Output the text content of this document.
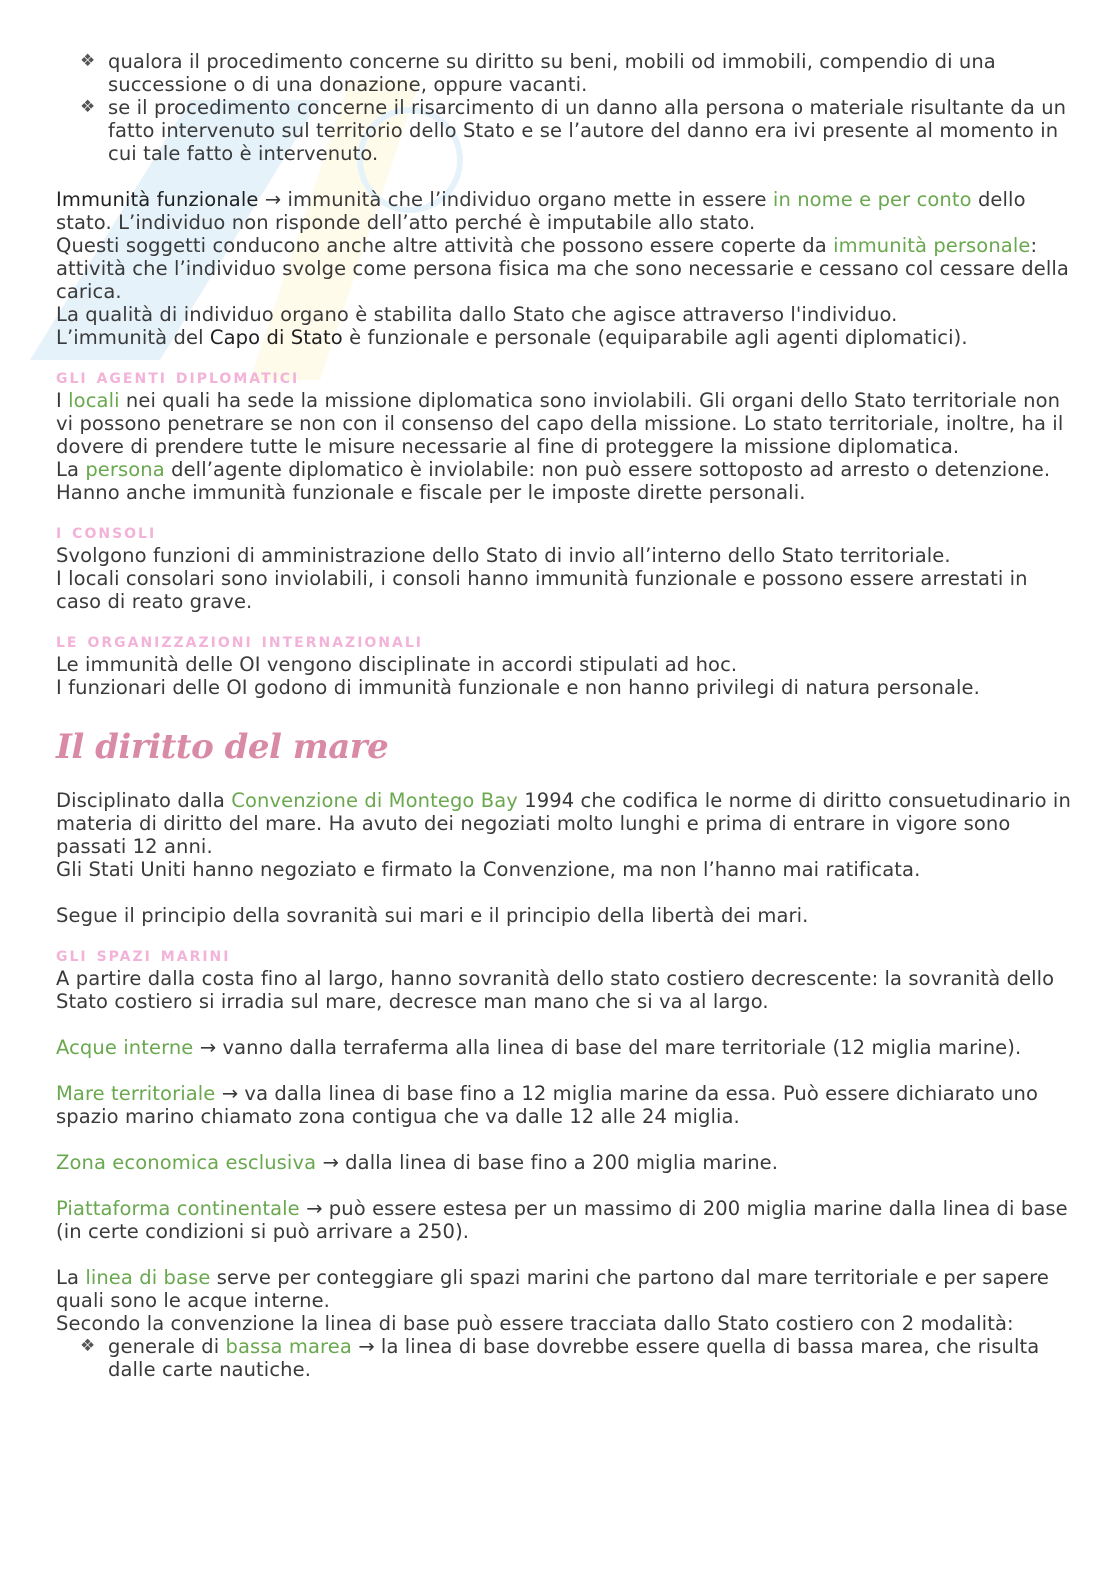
❖ qualora il procedimento concerne su diritto su beni, mobili od immobili, compendio di una successione o di una donazione, oppure vacanti.
❖ se il procedimento concerne il risarcimento di un danno alla persona o materiale risultante da un fatto intervenuto sul territorio dello Stato e se l’autore del danno era ivi presente al momento in cui tale fatto è intervenuto.

Immunità funzionale → immunità che l’individuo organo mette in essere in nome e per conto dello stato. L’individuo non risponde dell’atto perché è imputabile allo stato.

Questi soggetti conducono anche altre attività che possono essere coperte da immunità personale: attività che l’individuo svolge come persona fisica ma che sono necessarie e cessano col cessare della carica.

La qualità di individuo organo è stabilita dallo Stato che agisce attraverso l'individuo.

L’immunità del Capo di Stato è funzionale e personale (equiparabile agli agenti diplomatici).

gli agenti diplomatici

I locali nei quali ha sede la missione diplomatica sono inviolabili. Gli organi dello Stato territoriale non vi possono penetrare se non con il consenso del capo della missione. Lo stato territoriale, inoltre, ha il dovere di prendere tutte le misure necessarie al fine di proteggere la missione diplomatica.

La persona dell’agente diplomatico è inviolabile: non può essere sottoposto ad arresto o detenzione. Hanno anche immunità funzionale e fiscale per le imposte dirette personali.

i consoli

Svolgono funzioni di amministrazione dello Stato di invio all’interno dello Stato territoriale.

I locali consolari sono inviolabili, i consoli hanno immunità funzionale e possono essere arrestati in caso di reato grave.

le organizzazioni internazionali

Le immunità delle OI vengono disciplinate in accordi stipulati ad hoc.

I funzionari delle OI godono di immunità funzionale e non hanno privilegi di natura personale.

Il diritto del mare

Disciplinato dalla Convenzione di Montego Bay 1994 che codifica le norme di diritto consuetudinario in materia di diritto del mare. Ha avuto dei negoziati molto lunghi e prima di entrare in vigore sono passati 12 anni.

Gli Stati Uniti hanno negoziato e firmato la Convenzione, ma non l’hanno mai ratificata.

Segue il principio della sovranità sui mari e il principio della libertà dei mari.

gli spazi marini

A partire dalla costa fino al largo, hanno sovranità dello stato costiero decrescente: la sovranità dello Stato costiero si irradia sul mare, decresce man mano che si va al largo.

Acque interne → vanno dalla terraferma alla linea di base del mare territoriale (12 miglia marine).

Mare territoriale → va dalla linea di base fino a 12 miglia marine da essa. Può essere dichiarato uno spazio marino chiamato zona contigua che va dalle 12 alle 24 miglia.

Zona economica esclusiva → dalla linea di base fino a 200 miglia marine.

Piattaforma continentale → può essere estesa per un massimo di 200 miglia marine dalla linea di base (in certe condizioni si può arrivare a 250).

La linea di base serve per conteggiare gli spazi marini che partono dal mare territoriale e per sapere quali sono le acque interne.

Secondo la convenzione la linea di base può essere tracciata dallo Stato costiero con 2 modalità:

❖ generale di bassa marea → la linea di base dovrebbe essere quella di bassa marea, che risulta dalle carte nautiche.
